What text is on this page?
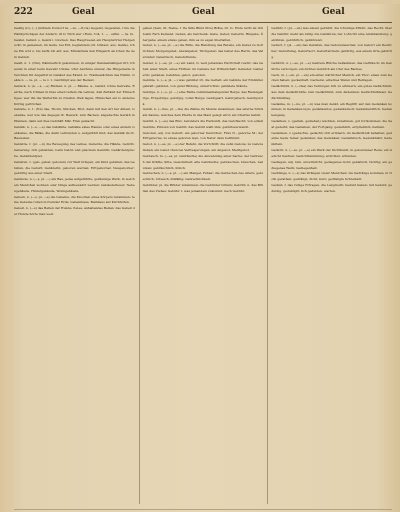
222	Geal	Geal	Geal

Geäſig (ſo), [..] (mitdem Vorwort ſa, —ſe, —ſt) ſa) Gegend, Gegenden, rure die Halbſprüchigen der Andern: iſt ſo Tiſch wer i Rum. 3 l4, 1. — . eiſtm. — ſa. ſu.

Geäſel, Geläut, s. Geäck i. Glocken. Das Hauptweien ein Hauptwörter Hetgebuckt; in gemeinen, im Geiſe, bei Erd, begtandem (dt. Umlaut, aus. Geäſe), ſchne Eib wrd u. bis beſhl ſch anf. aus. Mindeſtens den Hingeſch an ſchen ſte dem Gebleh.

Geäſt, n. 1. (Nm), ſtämmerlich gekommen, in einiger ſtandesmäßigen Ort; ſchaudet in einer beim Gewehr Umme. Ufer Aeſchme umwer, die Hingemeſſe in Verchſen für Angeſitzt in Gebäud des Ekwid, ſo. Trankewächſen des Emihn. Geäſe n. — ſe, pl. — ſe v. 1. Geſchlüpf aus der Bedeut.

Gebäck, n. (a. —s, —e) Blumen, n. pl. — Bäume. a., Gebild, ſchne Getreide. Raſche, nach ſchmen in blau einen teſtem die Lehren, daß Zuſtänd der Ermachtiges: wer ihn die Weſterhm zu ſtreifen. Weil ſagen, Hünnchen ein ſo anderes Körnig geſtrichen.

Gebäde, n. 1. (Nn) das, Thonn, Stücken, Brot, dann mit den Art her Ahtem, Gebenke, wer wie das dagegel dt. Bewerk. zum Backen, abgedachte Gerath in Pfannen, dann auf dies Geſchäft Mär. Fran gemacht.

Gebälk, n. (—s, —e) das Gebälkte, Gebälke eines Hauſes oder eines andern Gebäudes, die Bälke, die darin verbunden u. aufgeführt ſind; das Gebälk im dt. Bauweſen.

Gebärde, f. (pl. —n) die Bewegung des Leibes, Geberde; die Hände, Geſicht, Gebarung; ſich gebärden, beim Getön und gleichem Gemüth; Gebärdenſprache, Gebärdenſpiel.

Gebären, v. (geb. gebar, geboren) zur Welt bringen, ein Kind gebären; das Gebären, die Geburt; Gebärerin; geboren werden; Erſtgeborner, Neugeborner; gebürtig aus einer Stadt.

Gebäude, n. (—s, pl. —) ein Bau, jedes aufgeführte, geräumige Werk, in welchem Menſchen wohnen oder Dinge aufbewahrt werden; Gebäudeſteuer; Nebengebäude, Hintergebäude, Wohngebäude.

Gebein, n. (—s, pl. —e) die Gebeine, die Knochen eines Körpers zuſammen; ſeine Gebeine ruhen in fremder Erde; Gebeinhaus, Beinhaus auf Kirchhöfen.

Gebell, n. (—s) das Bellen der Hunde; ſtetes, anhaltendes Bellen; das Gebell der Hunde hörte man weit.

gehen (Sem, iſt, Name, 1 ſte Süſe Blind iſtre) Bräte, iſt, ſo. Ende nicht an ſich ſoelm Fern Keinend. Geben, als Geſchenk, Gabe, Geber, Geberin; Hingabe, Übergabe; einem etwas geben, ihm es zu eigen überlaſſen.

Gebet, n. (—es, pl. —e) die Bitte, die Handlung des Betens, ein Gebet zu Gott richten; Morgengebet, Abendgebet, Tiſchgebet; das Gebet des Herrn, das Vaterunſer; Gebetbuch, Gebetsſtunde.

Gebiet, n. (—es, pl. —e) ein Land, ſo weit jemandes Herrſchaft reicht; das Gebiet einer Stadt, eines Fürſten; im Gebiete der Wiſſenſchaft; Gebieter, Gebieterin; gebieten, befehlen, gebot, geboten.

Gebilde, n. (—s, pl. —) was gebildet iſt, die Geſtalt; ein Gebilde der Einbildungskraft; gebildet, von guter Bildung, unterrichtet; gebildete Stände.

Gebirge, n. (—s, pl. —) eine Reihe zuſammenhangender Berge; das Rieſengebirge, Erzgebirge; gebirgig, voller Berge; Gebirgsart, Gebirgsbach, Gebirgsvolk.

Gebiß, n. (—ſſes, pl. —ſſe) die Zähne im Munde zuſammen; das eiſerne Stück am Zaume, welches dem Pferde in das Maul gelegt wird; ein ſcharfes Gebiß.

Geblüt, n. (—es) das Blut, beſonders die Herkunft, das Geſchlecht; von edlem Geblüte, Prinzen von Geblüt; das Geblüt wallt ihm; geblütsverwandt.

Geboren, adj. von Geburt; ein geborner Deutſcher; Frau N., geborne M.; der Erſtgeborne; zu etwas geboren ſeyn, von Natur dazu beſtimmt.

Gebot, n. (—es, pl. —e) der Befehl, die Vorſchrift; die zehn Gebote; zu Gebote ſtehen; ein Gebot thun bei Verſteigerungen, ein Angebot, Meiſtgebot.

Gebrauch, m. (—es, pl. Gebräuche) die Anwendung einer Sache; der Gebrauch der Kräfte; Sitte, Gewohnheit; alte Gebräuche; gebrauchen, brauchen, benutzen; gebräuchlich, üblich.

Gebrechen, n. (—s, pl. —) ein Mangel, Fehler; die Gebrechen des Alters; gebrechlich, ſchwach, hinfällig; Gebrechlichkeit.

Gebrüder, pl. die Brüder zuſammen; die Gebrüder Grimm; Gebrüll, n. das Brüllen des Viehes; Gebühr, f. was jemandem zukommt, nach Gebühr.

Gebühr, f. (pl. —en) was einem gebührt, die ſchuldige Pflicht, das Recht; über die Gebühr, mehr als billig; die Gebühren, der Lohn für eine Amtshandlung; gebühren, gebührlich, gebührend.

Geburt, f. (pl. —en) das Gebären, das Geborenwerden; von Geburt ein Deutſcher; Geburtstag, Geburtsort, Geburtsſchein; gebürtig, aus einem Orte gebürtig.

Gebüſch, n. (—es, pl. —e) mehrere Büſche beiſammen, das Geſträuch; im Gebüſche verborgen; ein dichtes Gebüſch am Ufer des Baches.

Geck, m. (—en, pl. —en) ein eitler, närriſcher Menſch, ein Thor; einen zum Gecken haben; geckenhaft, Geckerei, albernes Weſen und Betragen.

Gedächtniß, n. (—ſſes) das Vermögen ſich zu erinnern; ein gutes Gedächtniß; aus dem Gedächtniſſe; zum Gedächtniß, zum Andenken; Gedächtnißfeier, Gedächtnißtag.

Gedanke, m. (—ns, pl. —n) was man denkt, ein Begriff; auf den Gedanken kommen; in Gedanken ſeyn; gedankenlos, gedankenvoll; Gedankenſtrich, Gedankengang.

Gedeihen, v. (gedieh, gediehen) wachſen, zunehmen, gut fortkommen; die Saat gedeiht; das Gedeihen, der Fortgang; gedeihlich, erſprießlich, heilſam.

Gedenken, v. (gedachte, gedacht) ſich erinnern, im Gedächtniß behalten; gedenke mein; ſeiner gedenken; das Gedenken; Gedenkbuch, Gedenkblatt, Gedenkſtein.

Gedicht, n. (—es, pl. —e) ein Werk der Dichtkunſt, in gebundener Rede; ein Gedicht machen; Gedichtſammlung; erdichtet, erfunden.

Gediegen, adj. rein, unvermiſcht, gediegenes Gold; gehaltvoll, tüchtig; ein gediegenes Werk; Gediegenheit.

Gedränge, n. (—s) das Drängen vieler Menſchen; ins Gedränge kommen, in Noth gerathen; gedrängt, dicht, kurz; gedrängte Schreibart.

Geduld, f. das ruhige Ertragen, die Langmuth; Geduld haben; mit Geduld; geduldig, geduldigſt; ſich gedulden, warten.
